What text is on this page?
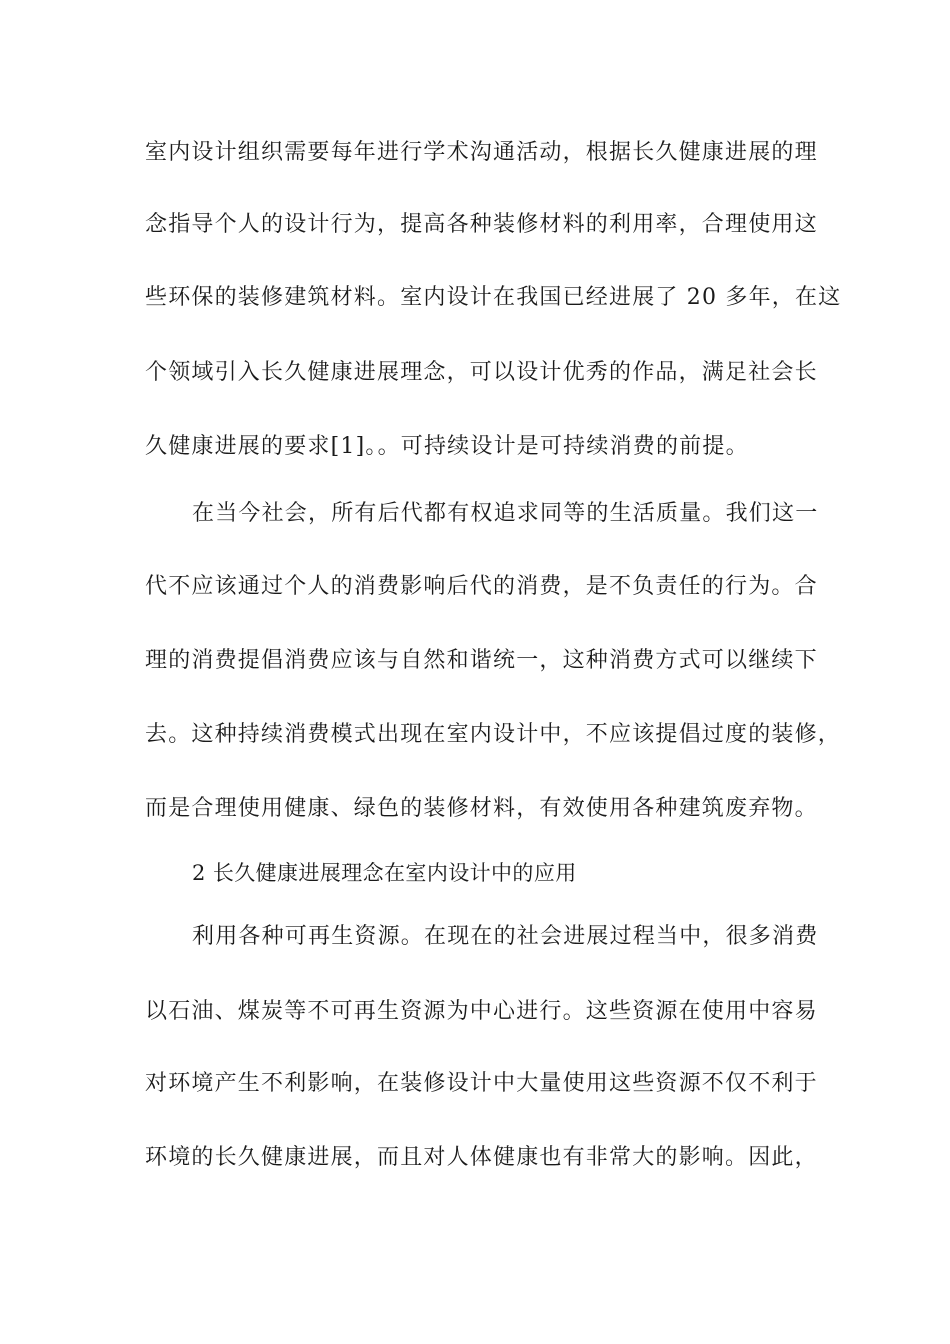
室内设计组织需要每年进行学术沟通活动，根据长久健康进展的理
念指导个人的设计行为，提高各种装修材料的利用率，合理使用这
些环保的装修建筑材料。室内设计在我国已经进展了 20 多年，在这
个领域引入长久健康进展理念，可以设计优秀的作品，满足社会长
久健康进展的要求[1]。。可持续设计是可持续消费的前提。
在当今社会，所有后代都有权追求同等的生活质量。我们这一
代不应该通过个人的消费影响后代的消费，是不负责任的行为。合
理的消费提倡消费应该与自然和谐统一，这种消费方式可以继续下
去。这种持续消费模式出现在室内设计中，不应该提倡过度的装修，
而是合理使用健康、绿色的装修材料，有效使用各种建筑废弃物。
2 长久健康进展理念在室内设计中的应用
利用各种可再生资源。在现在的社会进展过程当中，很多消费
以石油、煤炭等不可再生资源为中心进行。这些资源在使用中容易
对环境产生不利影响，在装修设计中大量使用这些资源不仅不利于
环境的长久健康进展，而且对人体健康也有非常大的影响。因此，
